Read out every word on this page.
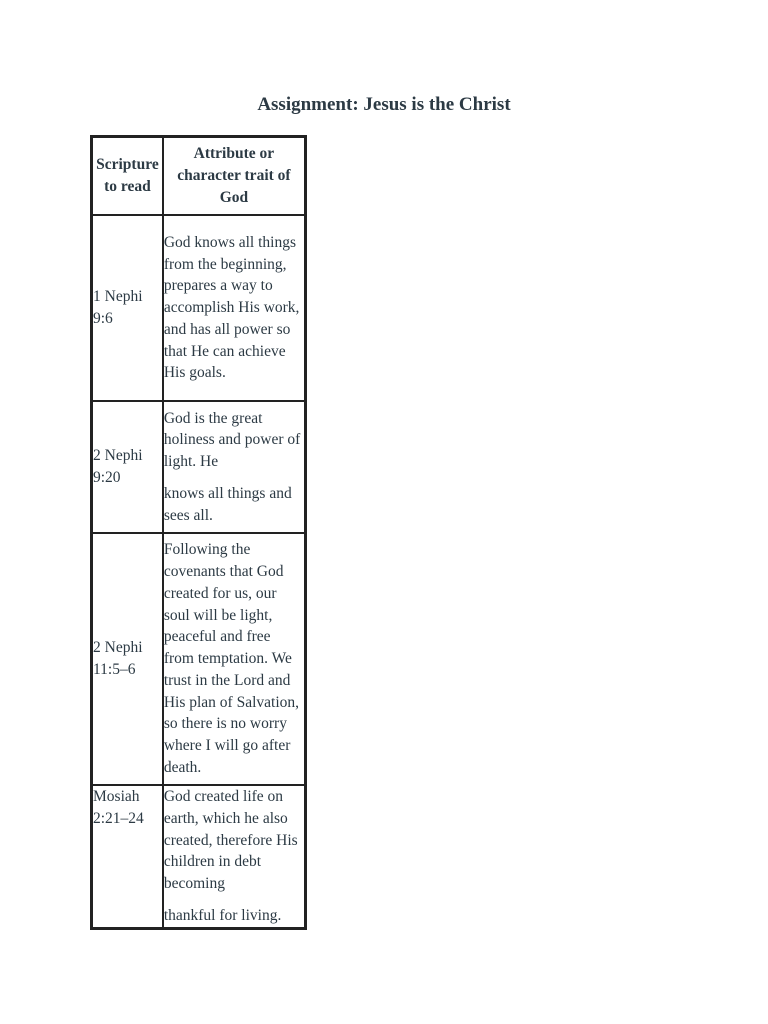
Assignment: Jesus is the Christ
Scripture to read	Attribute or character trait of God
1 Nephi 9:6	God knows all things from the beginning, prepares a way to accomplish His work, and has all power so that He can achieve His goals.

2 Nephi 9:20	God is the great holiness and power of light. He
knows all things and sees all.

2 Nephi 11:5–6	Following the covenants that God created for us, our soul will be light, peaceful and free from temptation. We trust in the Lord and His plan of Salvation, so there is no worry where I will go after death.

Mosiah 2:21–24	God created life on earth, which he also created, therefore His children in debt becoming
thankful for living.
